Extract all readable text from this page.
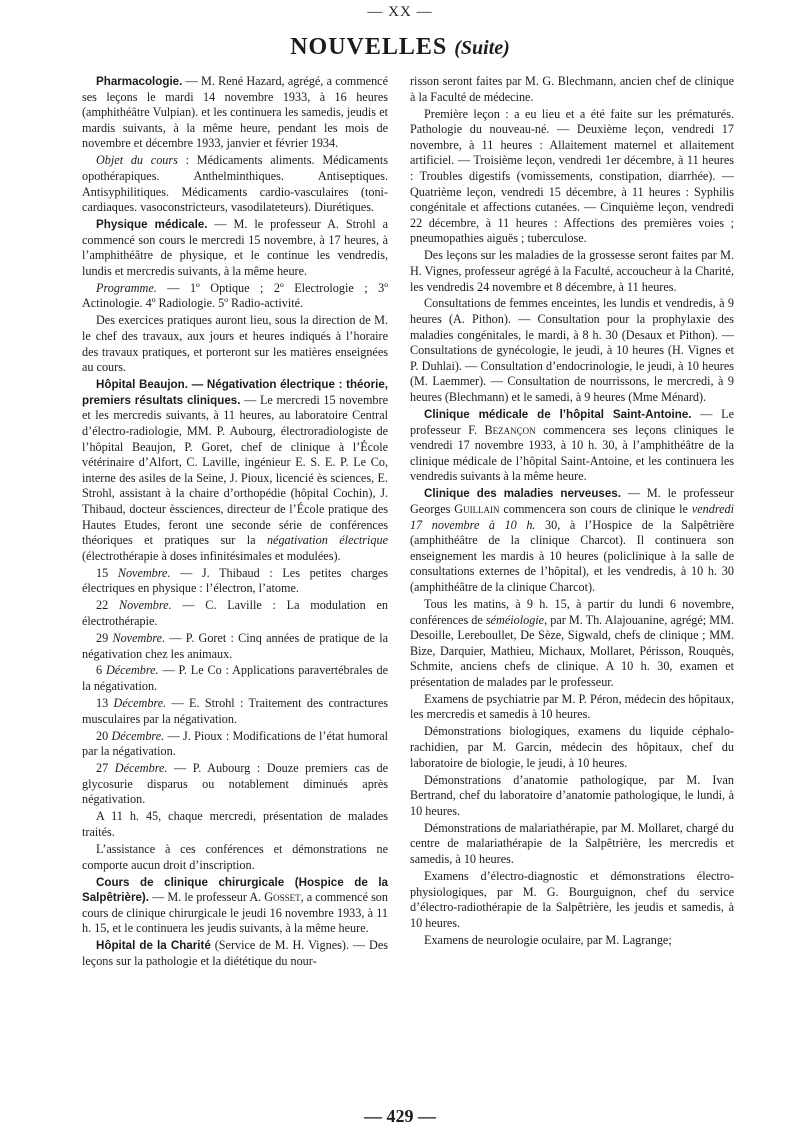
— XX —
NOUVELLES (Suite)

Pharmacologie. — M. René Hazard, agrégé, a commencé ses leçons le mardi 14 novembre 1933, à 16 heures (amphithéâtre Vulpian). et les continuera les samedis, jeudis et mardis suivants, à la même heure, pendant les mois de novembre et décembre 1933, janvier et février 1934.

Objet du cours : Médicaments aliments. Médicaments opothérapiques. Anthelminthiques. Antiseptiques. Antisyphilitiques. Médicaments cardio-vasculaires (toni-cardiaques. vasoconstricteurs, vasodilateteurs). Diurétiques.

Physique médicale. — M. le professeur A. Strohl a commencé son cours le mercredi 15 novembre, à 17 heures, à l’amphithéâtre de physique, et le continue les vendredis, lundis et mercredis suivants, à la même heure.

Programme. — 1º Optique ; 2º Electrologie ; 3º Actinologie. 4º Radiologie. 5º Radio-activité.

Des exercices pratiques auront lieu, sous la direction de M. le chef des travaux, aux jours et heures indiqués à l’horaire des travaux pratiques, et porteront sur les matières enseignées au cours.

Hôpital Beaujon. — Négativation électrique : théorie, premiers résultats cliniques. — Le mercredi 15 novembre et les mercredis suivants, à 11 heures, au laboratoire Central d’électro-radiologie, MM. P. Aubourg, électroradiologiste de l’hôpital Beaujon, P. Goret, chef de clinique à l’École vétérinaire d’Alfort, C. Laville, ingénieur E. S. E. P. Le Co, interne des asiles de la Seine, J. Pioux, licencié ès sciences, E. Strohl, assistant à la chaire d’orthopédie (hôpital Cochin), J. Thibaud, docteur èssciences, directeur de l’École pratique des Hautes Etudes, feront une seconde série de conférences théoriques et pratiques sur la négativation électrique (électrothérapie à doses infinitésimales et modulées).

15 Novembre. — J. Thibaud : Les petites charges électriques en physique : l’électron, l’atome.

22 Novembre. — C. Laville : La modulation en électrothérapie.

29 Novembre. — P. Goret : Cinq années de pratique de la négativation chez les animaux.

6 Décembre. — P. Le Co : Applications paravertébrales de la négativation.

13 Décembre. — E. Strohl : Traitement des contractures musculaires par la négativation.

20 Décembre. — J. Pioux : Modifications de l’état humoral par la négativation.

27 Décembre. — P. Aubourg : Douze premiers cas de glycosurie disparus ou notablement diminués après négativation.

A 11 h. 45, chaque mercredi, présentation de malades traités.

L’assistance à ces conférences et démonstrations ne comporte aucun droit d’inscription.

Cours de clinique chirurgicale (Hospice de la Salpêtrière). — M. le professeur A. Gosset, a commencé son cours de clinique chirurgicale le jeudi 16 novembre 1933, à 11 h. 15, et le continuera les jeudis suivants, à la même heure.

Hôpital de la Charité (Service de M. H. Vignes). — Des leçons sur la pathologie et la diététique du nour-

risson seront faites par M. G. Blechmann, ancien chef de clinique à la Faculté de médecine.

Première leçon : a eu lieu et a été faite sur les prématurés. Pathologie du nouveau-né. — Deuxième leçon, vendredi 17 novembre, à 11 heures : Allaitement maternel et allaitement artificiel. — Troisième leçon, vendredi 1er décembre, à 11 heures : Troubles digestifs (vomissements, constipation, diarrhée). — Quatrième leçon, vendredi 15 décembre, à 11 heures : Syphilis congénitale et affections cutanées. — Cinquième leçon, vendredi 22 décembre, à 11 heures : Affections des premières voies ; pneumopathies aiguës ; tuberculose.

Des leçons sur les maladies de la grossesse seront faites par M. H. Vignes, professeur agrégé à la Faculté, accoucheur à la Charité, les vendredis 24 novembre et 8 décembre, à 11 heures.

Consultations de femmes enceintes, les lundis et vendredis, à 9 heures (A. Pithon). — Consultation pour la prophylaxie des maladies congénitales, le mardi, à 8 h. 30 (Desaux et Pithon). — Consultations de gynécologie, le jeudi, à 10 heures (H. Vignes et P. Duhlai). — Consultation d’endocrinologie, le jeudi, à 10 heures (M. Laemmer). — Consultation de nourrissons, le mercredi, à 9 heures (Blechmann) et le samedi, à 9 heures (Mme Ménard).

Clinique médicale de l’hôpital Saint-Antoine. — Le professeur F. Bezançon commencera ses leçons cliniques le vendredi 17 novembre 1933, à 10 h. 30, à l’amphithéâtre de la clinique médicale de l’hôpital Saint-Antoine, et les continuera les vendredis suivants à la même heure.

Clinique des maladies nerveuses. — M. le professeur Georges Guillain commencera son cours de clinique le vendredi 17 novembre à 10 h. 30, à l’Hospice de la Salpêtrière (amphithéâtre de la clinique Charcot). Il continuera son enseignement les mardis à 10 heures (policlinique à la salle de consultations externes de l’hôpital), et les vendredis, à 10 h. 30 (amphithéâtre de la clinique Charcot).

Tous les matins, à 9 h. 15, à partir du lundi 6 novembre, conférences de séméiologie, par M. Th. Alajouanine, agrégé; MM. Desoille, Lereboullet, De Sèze, Sigwald, chefs de clinique ; MM. Bize, Darquier, Mathieu, Michaux, Mollaret, Périsson, Rouquès, Schmite, anciens chefs de clinique. A 10 h. 30, examen et présentation de malades par le professeur.

Examens de psychiatrie par M. P. Péron, médecin des hôpitaux, les mercredis et samedis à 10 heures.

Démonstrations biologiques, examens du liquide céphalo-rachidien, par M. Garcin, médecin des hôpitaux, chef du laboratoire de biologie, le jeudi, à 10 heures.

Démonstrations d’anatomie pathologique, par M. Ivan Bertrand, chef du laboratoire d’anatomie pathologique, le lundi, à 10 heures.

Démonstrations de malariathérapie, par M. Mollaret, chargé du centre de malariathérapie de la Salpêtrière, les mercredis et samedis, à 10 heures.

Examens d’électro-diagnostic et démonstrations électro-physiologiques, par M. G. Bourguignon, chef du service d’électro-radiothérapie de la Salpêtrière, les jeudis et samedis, à 10 heures.

Examens de neurologie oculaire, par M. Lagrange;

— 429 —
